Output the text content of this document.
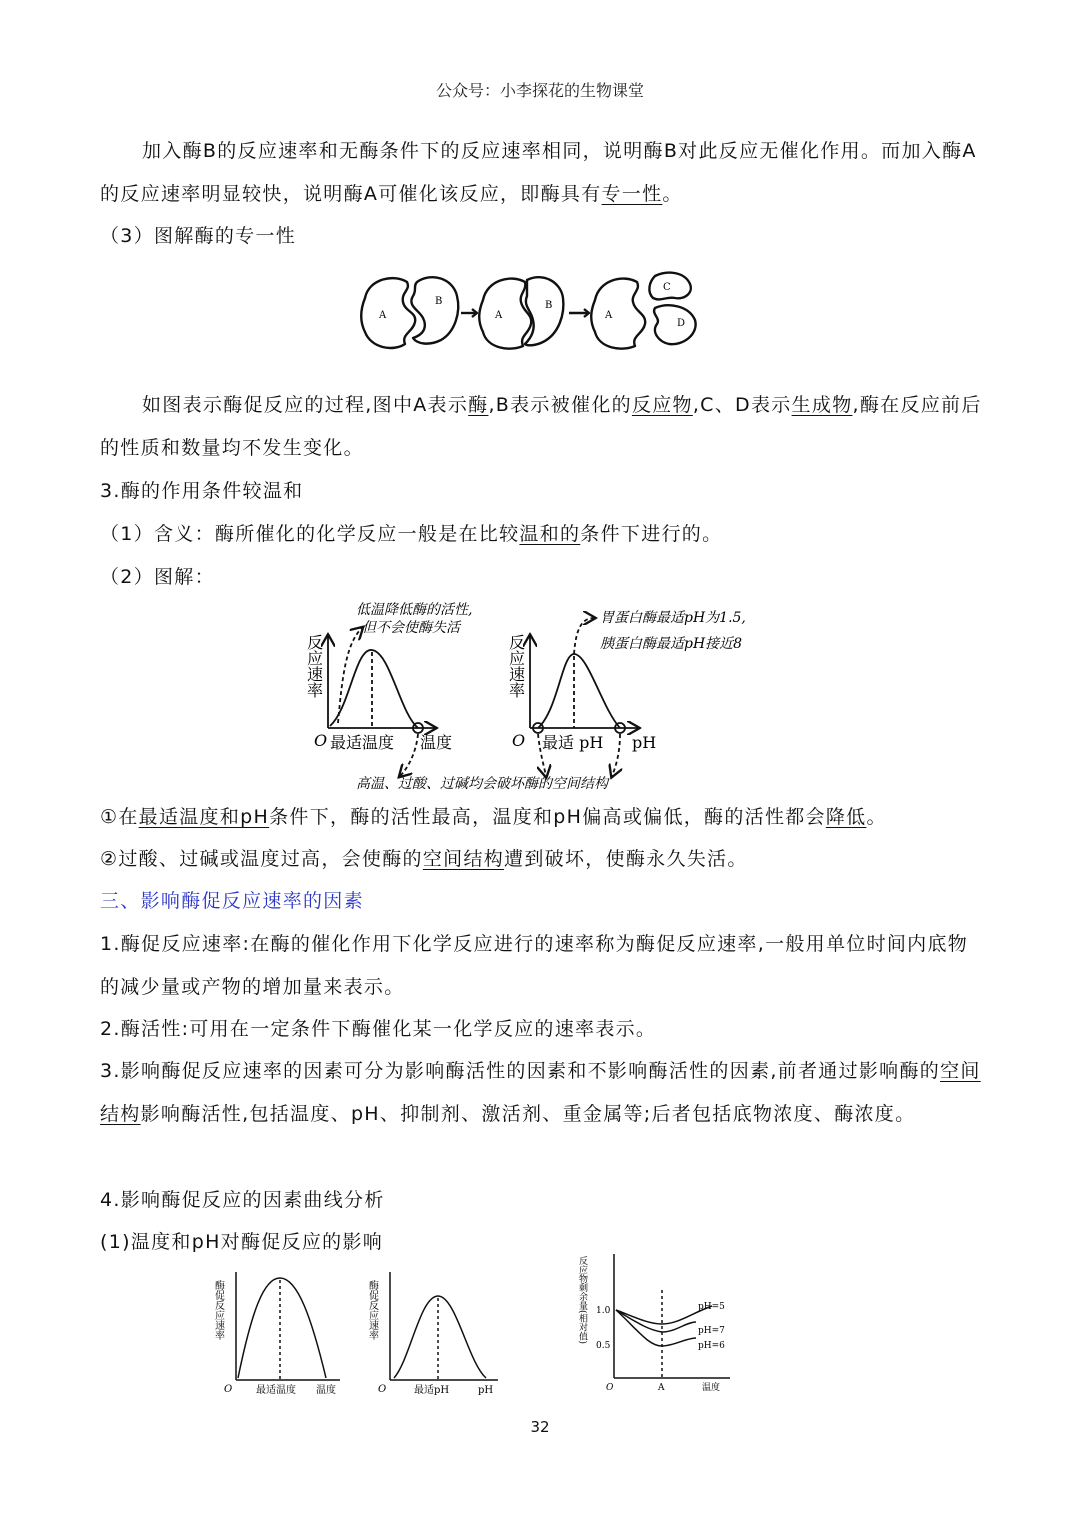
公众号：小李探花的生物课堂

加入酶B的反应速率和无酶条件下的反应速率相同，说明酶B对此反应无催化作用。而加入酶A的反应速率明显较快，说明酶A可催化该反应，即酶具有专一性。

（3）图解酶的专一性

A
B
A
B
A
C
D

如图表示酶促反应的过程,图中A表示酶,B表示被催化的反应物,C、D表示生成物,酶在反应前后的性质和数量均不发生变化。

3.酶的作用条件较温和

（1）含义：酶所催化的化学反应一般是在比较温和的条件下进行的。

（2）图解：

反应速率
O 最适温度 温度
低温降低酶的活性,
但不会使酶失活
反应速率
O 最适 pH pH
胃蛋白酶最适pH为1.5,
胰蛋白酶最适pH接近8
高温、过酸、过碱均会破坏酶的空间结构

①在最适温度和pH条件下，酶的活性最高，温度和pH偏高或偏低，酶的活性都会降低。

②过酸、过碱或温度过高，会使酶的空间结构遭到破坏，使酶永久失活。

三、影响酶促反应速率的因素

1.酶促反应速率:在酶的催化作用下化学反应进行的速率称为酶促反应速率,一般用单位时间内底物的减少量或产物的增加量来表示。

2.酶活性:可用在一定条件下酶催化某一化学反应的速率表示。

3.影响酶促反应速率的因素可分为影响酶活性的因素和不影响酶活性的因素,前者通过影响酶的空间结构影响酶活性,包括温度、pH、抑制剂、激活剂、重金属等;后者包括底物浓度、酶浓度。

4.影响酶促反应的因素曲线分析

(1)温度和pH对酶促反应的影响

酶促反应速率
O 最适温度 温度
酶促反应速率
O	最适pH	pH
反应物剩余量(相对值) 1.0
0.5
O	A	温度
pH=5
pH=7
pH=6
32
